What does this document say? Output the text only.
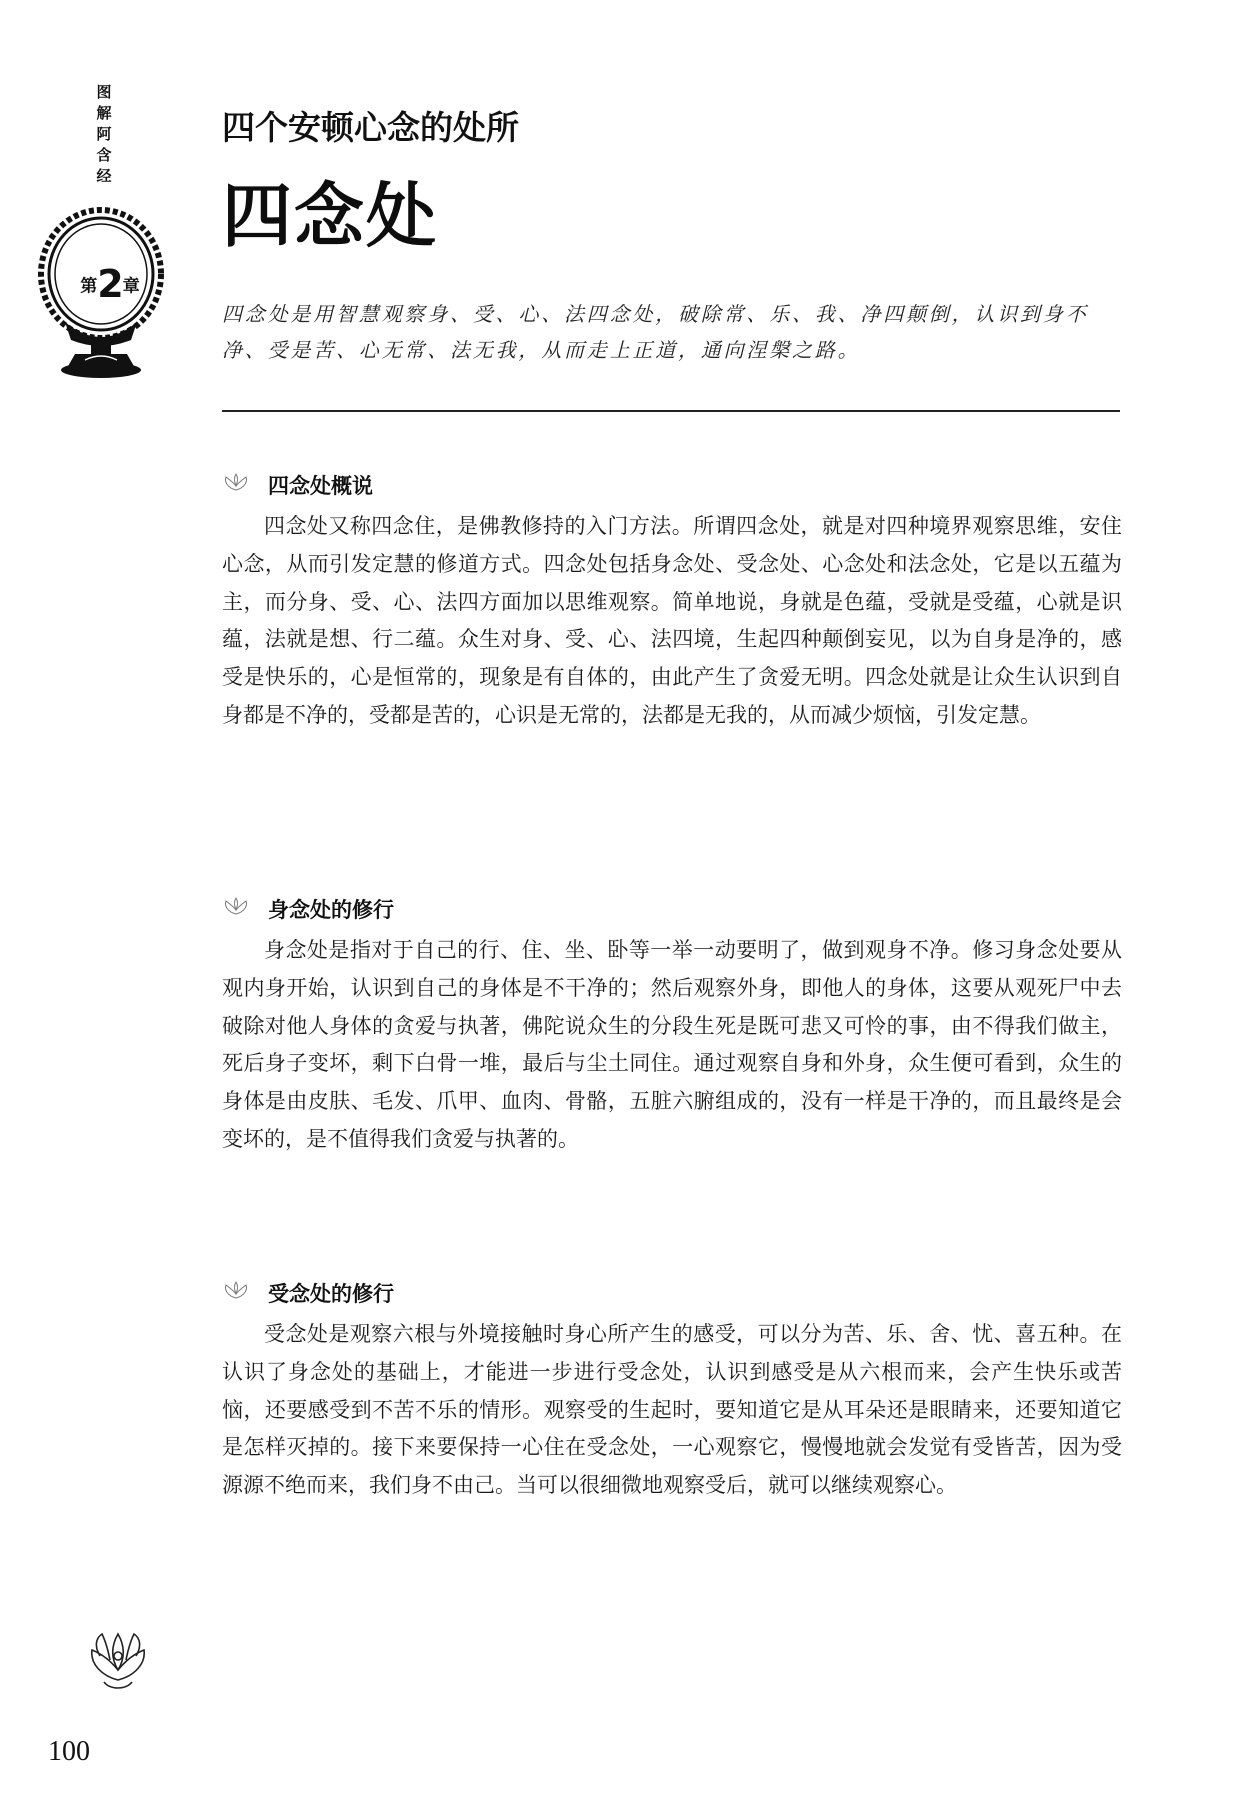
图
解
阿
含
经
第2章
四个安顿心念的处所
四念处
四念处是用智慧观察身、受、心、法四念处，破除常、乐、我、净四颠倒，认识到身不净、受是苦、心无常、法无我，从而走上正道，通向涅槃之路。
四念处概说

四念处又称四念住，是佛教修持的入门方法。所谓四念处，就是对四种境界观察思维，安住心念，从而引发定慧的修道方式。四念处包括身念处、受念处、心念处和法念处，它是以五蕴为主，而分身、受、心、法四方面加以思维观察。简单地说，身就是色蕴，受就是受蕴，心就是识蕴，法就是想、行二蕴。众生对身、受、心、法四境，生起四种颠倒妄见，以为自身是净的，感受是快乐的，心是恒常的，现象是有自体的，由此产生了贪爱无明。四念处就是让众生认识到自身都是不净的，受都是苦的，心识是无常的，法都是无我的，从而减少烦恼，引发定慧。

身念处的修行

身念处是指对于自己的行、住、坐、卧等一举一动要明了，做到观身不净。修习身念处要从观内身开始，认识到自己的身体是不干净的；然后观察外身，即他人的身体，这要从观死尸中去破除对他人身体的贪爱与执著，佛陀说众生的分段生死是既可悲又可怜的事，由不得我们做主，死后身子变坏，剩下白骨一堆，最后与尘土同住。通过观察自身和外身，众生便可看到，众生的身体是由皮肤、毛发、爪甲、血肉、骨骼，五脏六腑组成的，没有一样是干净的，而且最终是会变坏的，是不值得我们贪爱与执著的。

受念处的修行

受念处是观察六根与外境接触时身心所产生的感受，可以分为苦、乐、舍、忧、喜五种。在认识了身念处的基础上，才能进一步进行受念处，认识到感受是从六根而来，会产生快乐或苦恼，还要感受到不苦不乐的情形。观察受的生起时，要知道它是从耳朵还是眼睛来，还要知道它是怎样灭掉的。接下来要保持一心住在受念处，一心观察它，慢慢地就会发觉有受皆苦，因为受源源不绝而来，我们身不由己。当可以很细微地观察受后，就可以继续观察心。

100
